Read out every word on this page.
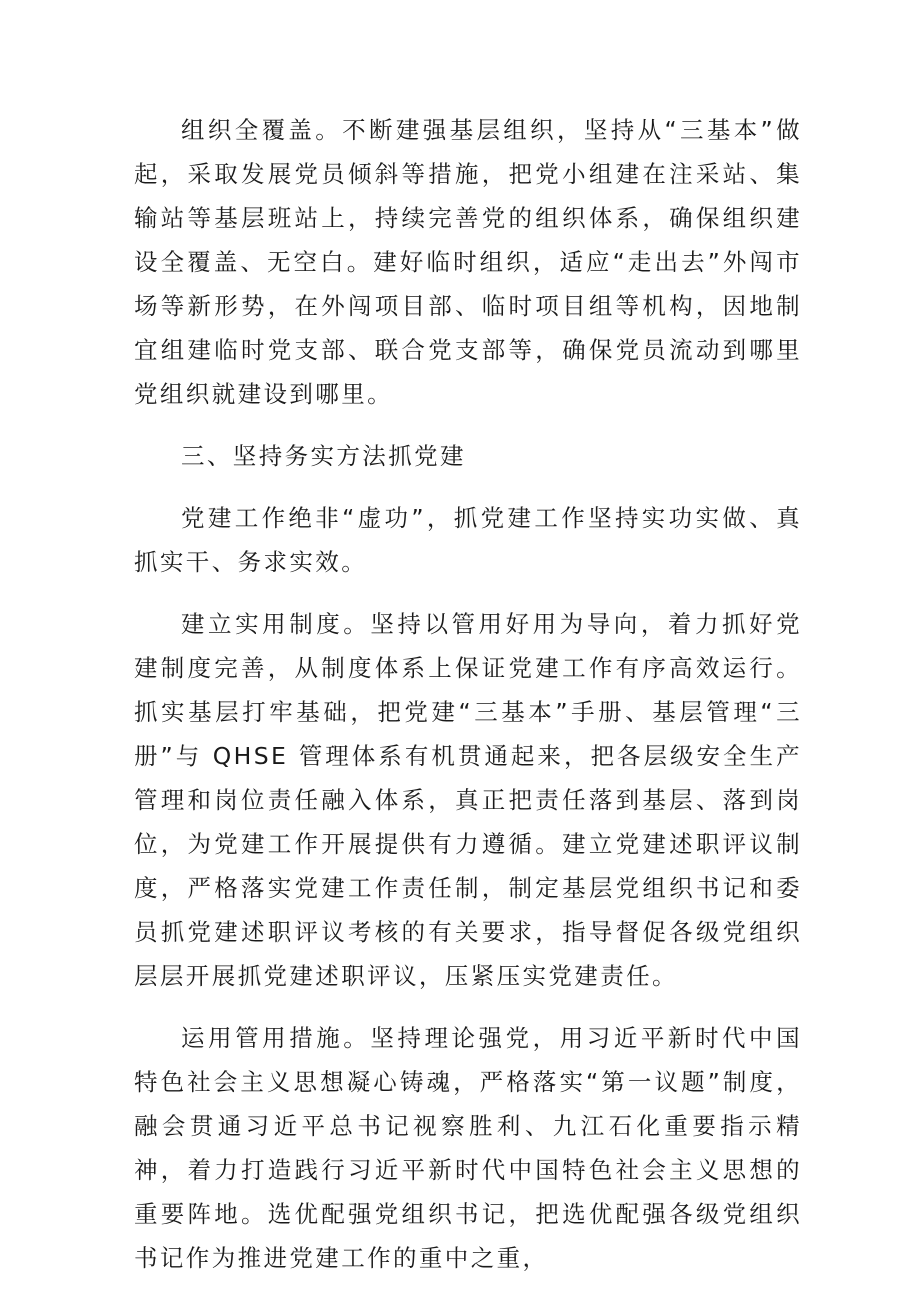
组织全覆盖。不断建强基层组织，坚持从“三基本”做起，采取发展党员倾斜等措施，把党小组建在注采站、集输站等基层班站上，持续完善党的组织体系，确保组织建设全覆盖、无空白。建好临时组织，适应“走出去”外闯市场等新形势，在外闯项目部、临时项目组等机构，因地制宜组建临时党支部、联合党支部等，确保党员流动到哪里党组织就建设到哪里。

三、坚持务实方法抓党建

党建工作绝非“虚功”，抓党建工作坚持实功实做、真抓实干、务求实效。

建立实用制度。坚持以管用好用为导向，着力抓好党建制度完善，从制度体系上保证党建工作有序高效运行。抓实基层打牢基础，把党建“三基本”手册、基层管理“三册”与 QHSE 管理体系有机贯通起来，把各层级安全生产管理和岗位责任融入体系，真正把责任落到基层、落到岗位，为党建工作开展提供有力遵循。建立党建述职评议制度，严格落实党建工作责任制，制定基层党组织书记和委员抓党建述职评议考核的有关要求，指导督促各级党组织层层开展抓党建述职评议，压紧压实党建责任。

运用管用措施。坚持理论强党，用习近平新时代中国特色社会主义思想凝心铸魂，严格落实“第一议题”制度，融会贯通习近平总书记视察胜利、九江石化重要指示精神，着力打造践行习近平新时代中国特色社会主义思想的重要阵地。选优配强党组织书记，把选优配强各级党组织书记作为推进党建工作的重中之重，
